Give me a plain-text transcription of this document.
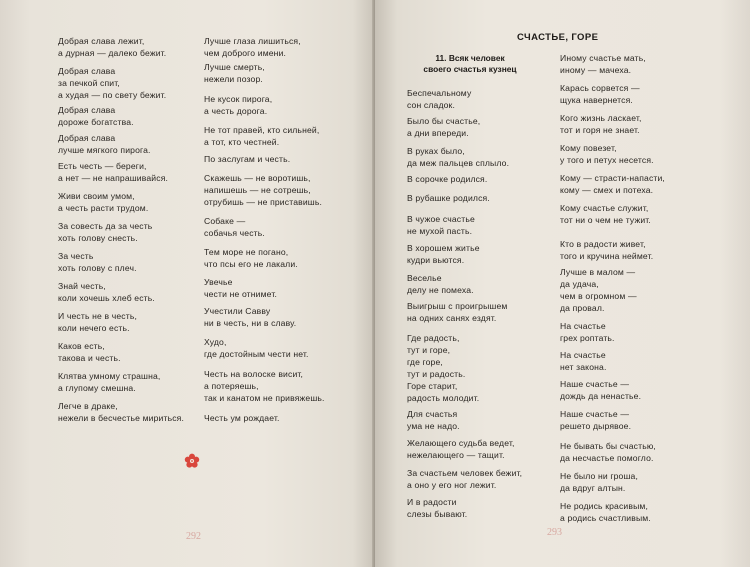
Добрая слава лежит,
а дурная — далеко бежит.
Добрая слава
за печкой спит,
а худая — по свету бежит.
Добрая слава
дороже богатства.
Добрая слава
лучше мягкого пирога.
Есть честь — береги,
а нет — не напрашивайся.
Живи своим умом,
а честь расти трудом.
За совесть да за честь
хоть голову снесть.
За честь
хоть голову с плеч.
Знай честь,
коли хочешь хлеб есть.
И честь не в честь,
коли нечего есть.
Каков есть,
такова и честь.
Клятва умному страшна,
а глупому смешна.
Легче в драке,
нежели в бесчестье мириться.
Лучше глаза лишиться,
чем доброго имени.
Лучше смерть,
нежели позор.
Не кусок пирога,
а честь дорога.
Не тот правей, кто сильней,
а тот, кто честней.
По заслугам и честь.
Скажешь — не воротишь,
напишешь — не сотрешь,
отрубишь — не приставишь.
Собаке —
собачья честь.
Тем море не погано,
что псы его не лакали.
Увечье
чести не отнимет.
Учестили Савву
ни в честь, ни в славу.
Худо,
где достойным чести нет.
Честь на волоске висит,
а потеряешь,
так и канатом не привяжешь.
Честь ум рождает.
292
СЧАСТЬЕ, ГОРЕ
11. Всяк человек
своего счастья кузнец
Беспечальному
сон сладок.
Было бы счастье,
а дни впереди.
В руках было,
да меж пальцев сплыло.
В сорочке родился.
В рубашке родился.
В чужое счастье
не мухой пасть.
В хорошем житье
кудри вьются.
Веселье
делу не помеха.
Выигрыш с проигрышем
на одних санях ездят.
Где радость,
тут и горе,
где горе,
тут и радость.
Горе старит,
радость молодит.
Для счастья
ума не надо.
Желающего судьба ведет,
нежелающего — тащит.
За счастьем человек бежит,
а оно у его ног лежит.
И в радости
слезы бывают.
Иному счастье мать,
иному — мачеха.
Карась сорвется —
щука навернется.
Кого жизнь ласкает,
тот и горя не знает.
Кому повезет,
у того и петух несется.
Кому — страсти-напасти,
кому — смех и потеха.
Кому счастье служит,
тот ни о чем не тужит.
Кто в радости живет,
того и кручина неймет.
Лучше в малом —
да удача,
чем в огромном —
да провал.
На счастье
грех роптать.
На счастье
нет закона.
Наше счастье —
дождь да ненастье.
Наше счастье —
решето дырявое.
Не бывать бы счастью,
да несчастье помогло.
Не было ни гроша,
да вдруг алтын.
Не родись красивым,
а родись счастливым.
293
